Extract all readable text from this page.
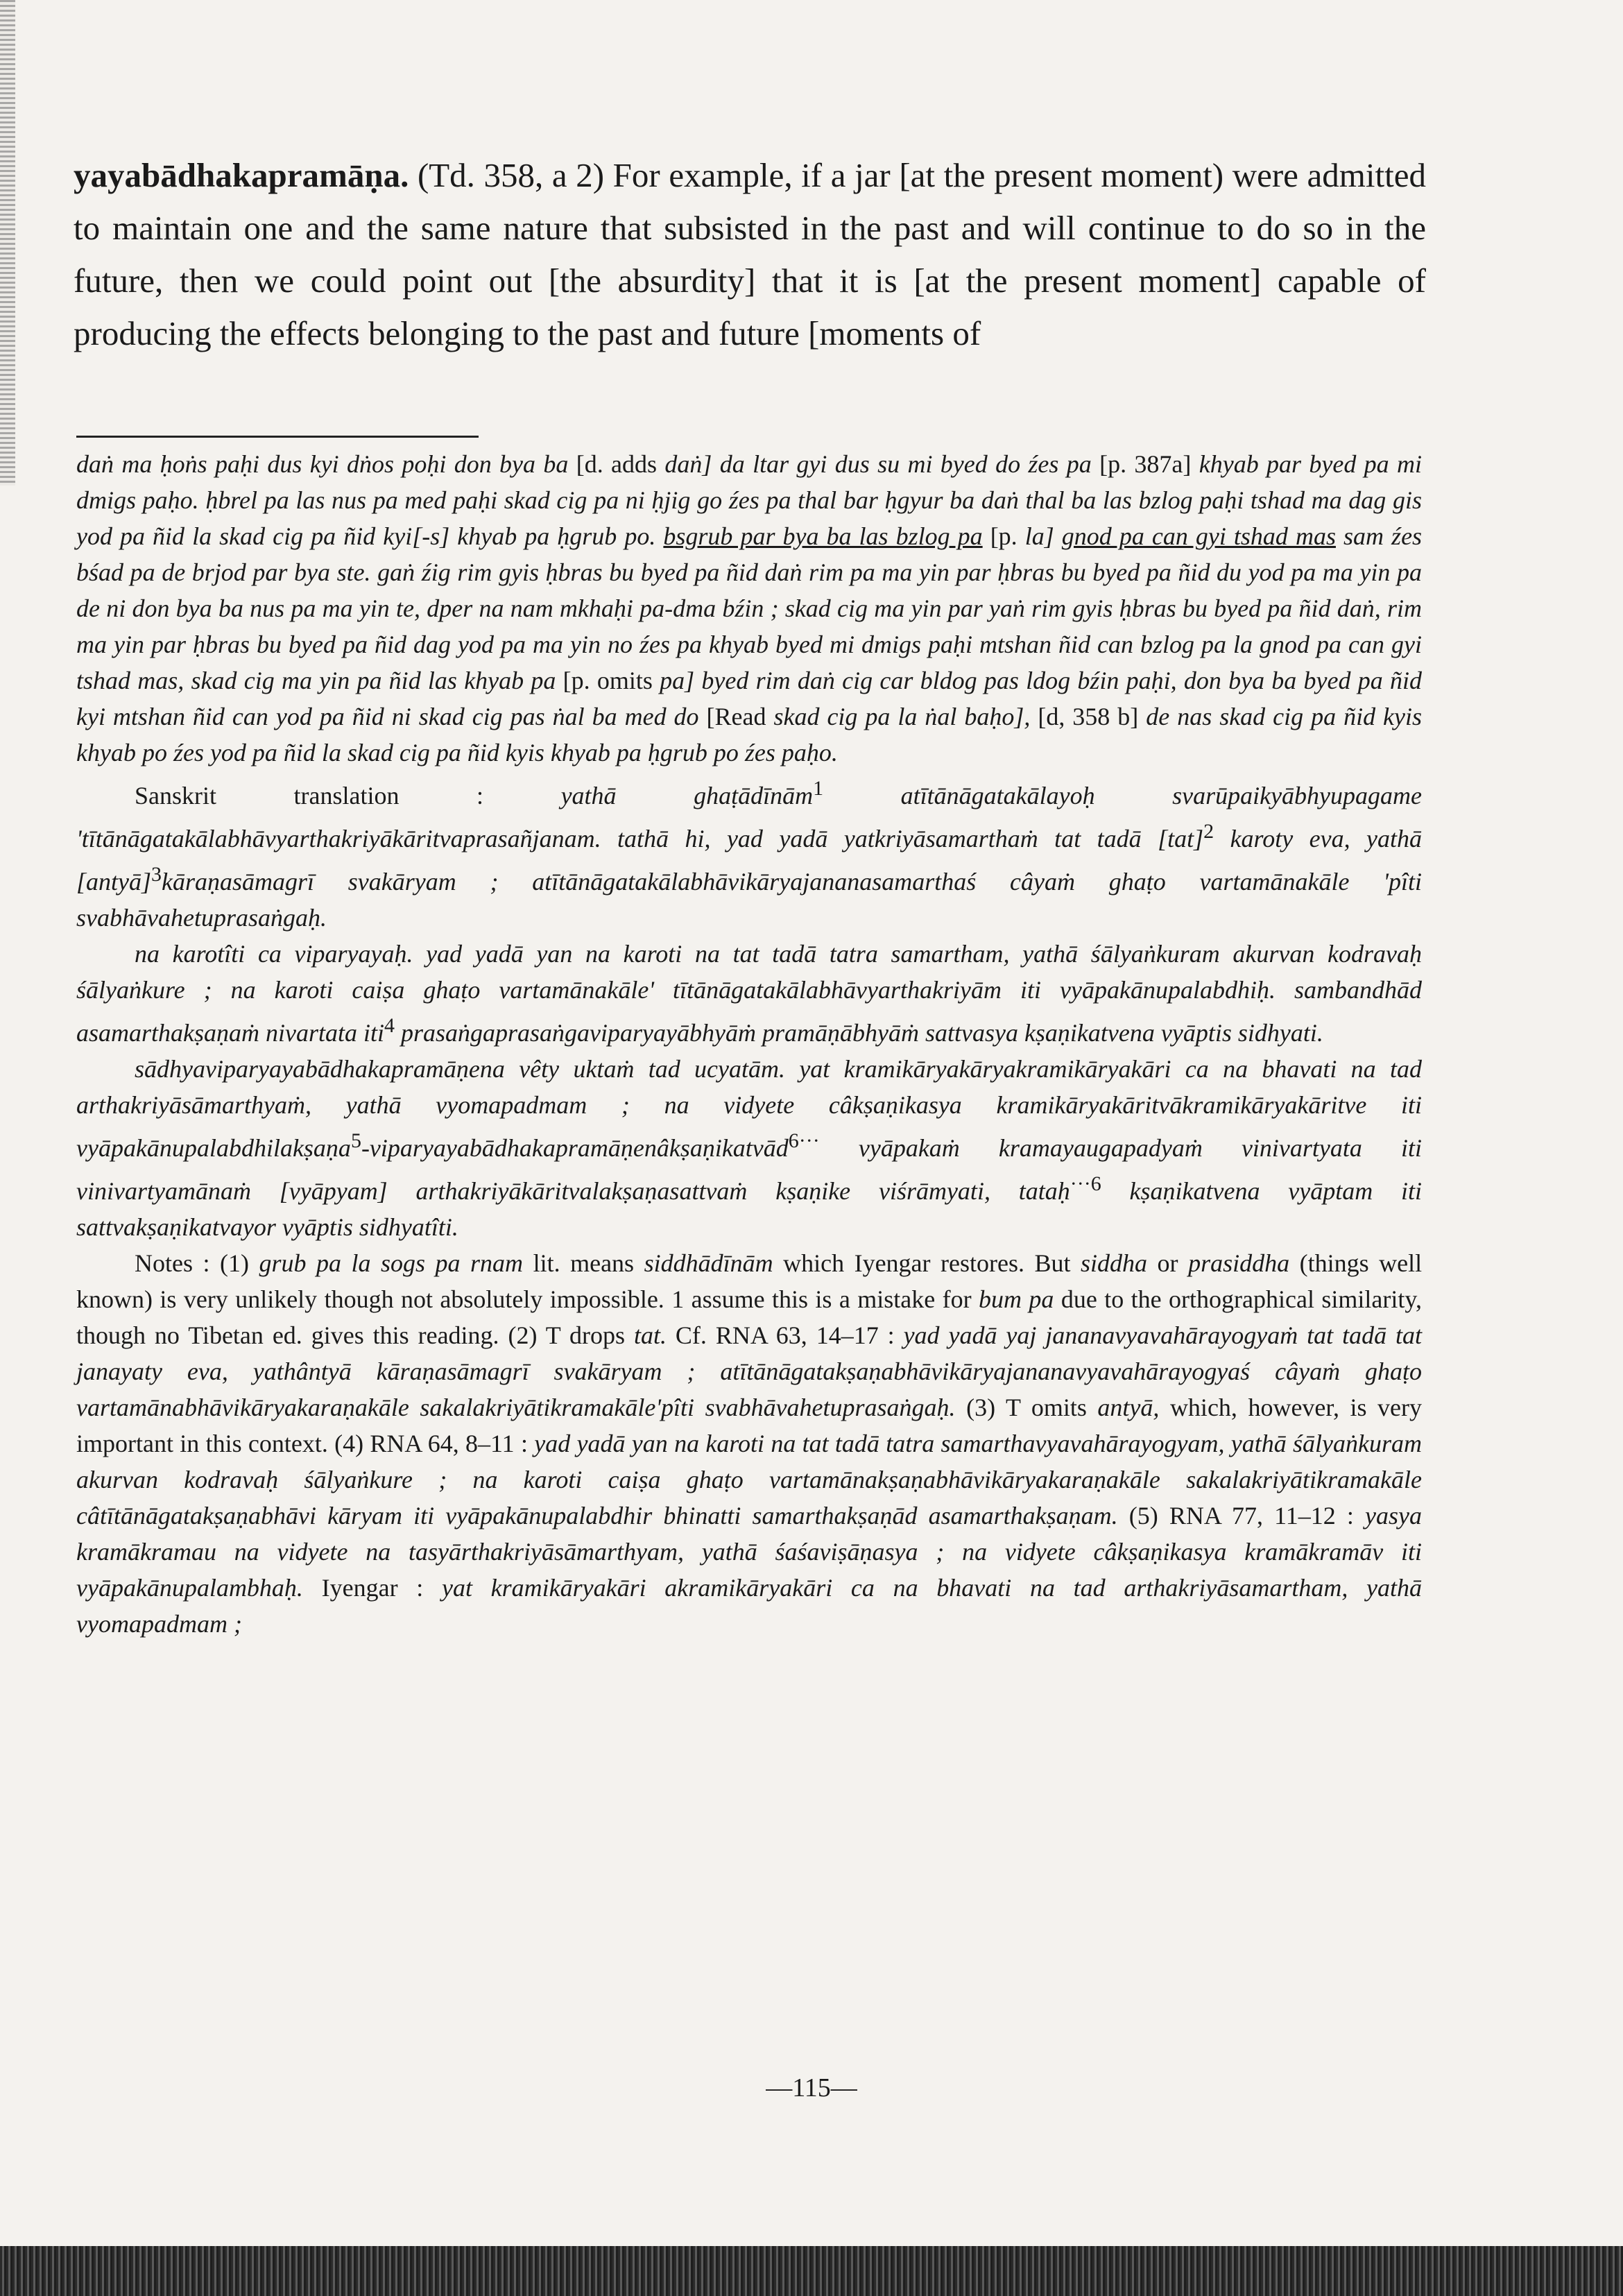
yayabādhakapramāṇa. (Td. 358, a 2) For example, if a jar [at the present moment) were admitted to maintain one and the same nature that subsisted in the past and will continue to do so in the future, then we could point out [the absurdity] that it is [at the present moment] capable of producing the effects belonging to the past and future [moments of

daṅ ma ḥoṅs paḥi dus kyi dṅos poḥi don bya ba [d. adds daṅ] da ltar gyi dus su mi byed do źes pa [p. 387a] khyab par byed pa mi dmigs paḥo. ḥbrel pa las nus pa med paḥi skad cig pa ni ḥjig go źes pa thal bar ḥgyur ba daṅ thal ba las bzlog paḥi tshad ma dag gis yod pa ñid la skad cig pa ñid kyi[-s] khyab pa ḥgrub po. bsgrub par bya ba las bzlog pa [p. la] gnod pa can gyi tshad mas sam źes bśad pa de brjod par bya ste. gaṅ źig rim gyis ḥbras bu byed pa ñid daṅ rim pa ma yin par ḥbras bu byed pa ñid du yod pa ma yin pa de ni don bya ba nus pa ma yin te, dper na nam mkhaḥi pa-dma bźin ; skad cig ma yin par yaṅ rim gyis ḥbras bu byed pa ñid daṅ, rim ma yin par ḥbras bu byed pa ñid dag yod pa ma yin no źes pa khyab byed mi dmigs paḥi mtshan ñid can bzlog pa la gnod pa can gyi tshad mas, skad cig ma yin pa ñid las khyab pa [p. omits pa] byed rim daṅ cig car bldog pas ldog bźin paḥi, don bya ba byed pa ñid kyi mtshan ñid can yod pa ñid ni skad cig pas ṅal ba med do [Read skad cig pa la ṅal baḥo], [d, 358 b] de nas skad cig pa ñid kyis khyab po źes yod pa ñid la skad cig pa ñid kyis khyab pa ḥgrub po źes paḥo.

Sanskrit translation :	yathā ghaṭādīnām$^1$	atītānāgatakālayoḥ svarūpaikyābhyupagame 'tītānāgatakālabhāvyarthakriyākāritvaprasañjanam. tathā hi, yad yadā yatkriyāsamarthaṁ tat tadā [tat]$^2$ karoty eva, yathā [antyā]$^3$kāraṇasāmagrī svakāryam ; atītānāgatakālabhāvikāryajananasamarthaś câyaṁ ghaṭo vartamānakāle 'pîti svabhāvahetuprasaṅgaḥ.

na karotîti ca viparyayaḥ. yad yadā yan na karoti na tat tadā tatra samartham, yathā śālyaṅkuram akurvan kodravaḥ śālyaṅkure ; na karoti caiṣa ghaṭo vartamānakāle' tītānāgatakālabhāvyarthakriyām iti vyāpakānupalabdhiḥ. sambandhād asamarthakṣaṇaṁ nivartata iti$^4$ prasaṅgaprasaṅgaviparyayābhyāṁ pramāṇābhyāṁ sattvasya kṣaṇikatvena vyāptis sidhyati.

sādhyaviparyayabādhakapramāṇena vêty uktaṁ tad ucyatām. yat kramikāryakāryakramikāryakāri ca na bhavati na tad arthakriyāsāmarthyaṁ, yathā vyomapadmam ; na vidyete câkṣaṇikasya kramikāryakāritvākramikāryakāritve iti vyāpakānupalabdhilakṣaṇa$^5$-viparyayabādhakapramāṇenâkṣaṇikatvād$^{6\cdot\cdot\cdot}$ vyāpakaṁ kramayaugapadyaṁ vinivartyata iti vinivartyamānaṁ [vyāpyam] arthakriyākāritvalakṣaṇasattvaṁ kṣaṇike viśrāmyati, tataḥ$^{\cdot\cdot\cdot 6}$ kṣaṇikatvena vyāptam iti sattvakṣaṇikatvayor vyāptis sidhyatîti.

Notes : (1) grub pa la sogs pa rnam lit. means siddhādīnām which Iyengar restores. But siddha or prasiddha (things well known) is very unlikely though not absolutely impossible. 1 assume this is a mistake for bum pa due to the orthographical similarity, though no Tibetan ed. gives this reading. (2) T drops tat. Cf. RNA 63, 14–17 : yad yadā yaj jananavyavahārayogyaṁ tat tadā tat janayaty eva, yathântyā kāraṇasāmagrī svakāryam ; atītānāgatakṣaṇabhāvikāryajananavyavahārayogyaś câyaṁ ghaṭo vartamānabhāvikāryakaraṇakāle sakalakriyātikramakāle'pîti svabhāvahetuprasaṅgaḥ. (3) T omits antyā, which, however, is very important in this context. (4) RNA 64, 8–11 : yad yadā yan na karoti na tat tadā tatra samarthavyavahārayogyam, yathā śālyaṅkuram akurvan kodravaḥ śālyaṅkure ; na karoti caiṣa ghaṭo vartamānakṣaṇabhāvikāryakaraṇakāle sakalakriyātikramakāle câtītānāgatakṣaṇabhāvi kāryam iti vyāpakānupalabdhir bhinatti samarthakṣaṇād asamarthakṣaṇam. (5) RNA 77, 11–12 : yasya kramākramau na vidyete na tasyārthakriyāsāmarthyam, yathā śaśaviṣāṇasya ; na vidyete câkṣaṇikasya kramākramāv iti vyāpakānupalambhaḥ. Iyengar : yat kramikāryakāri akramikāryakāri ca na bhavati na tad arthakriyāsamartham, yathā vyomapadmam ;

—115—
